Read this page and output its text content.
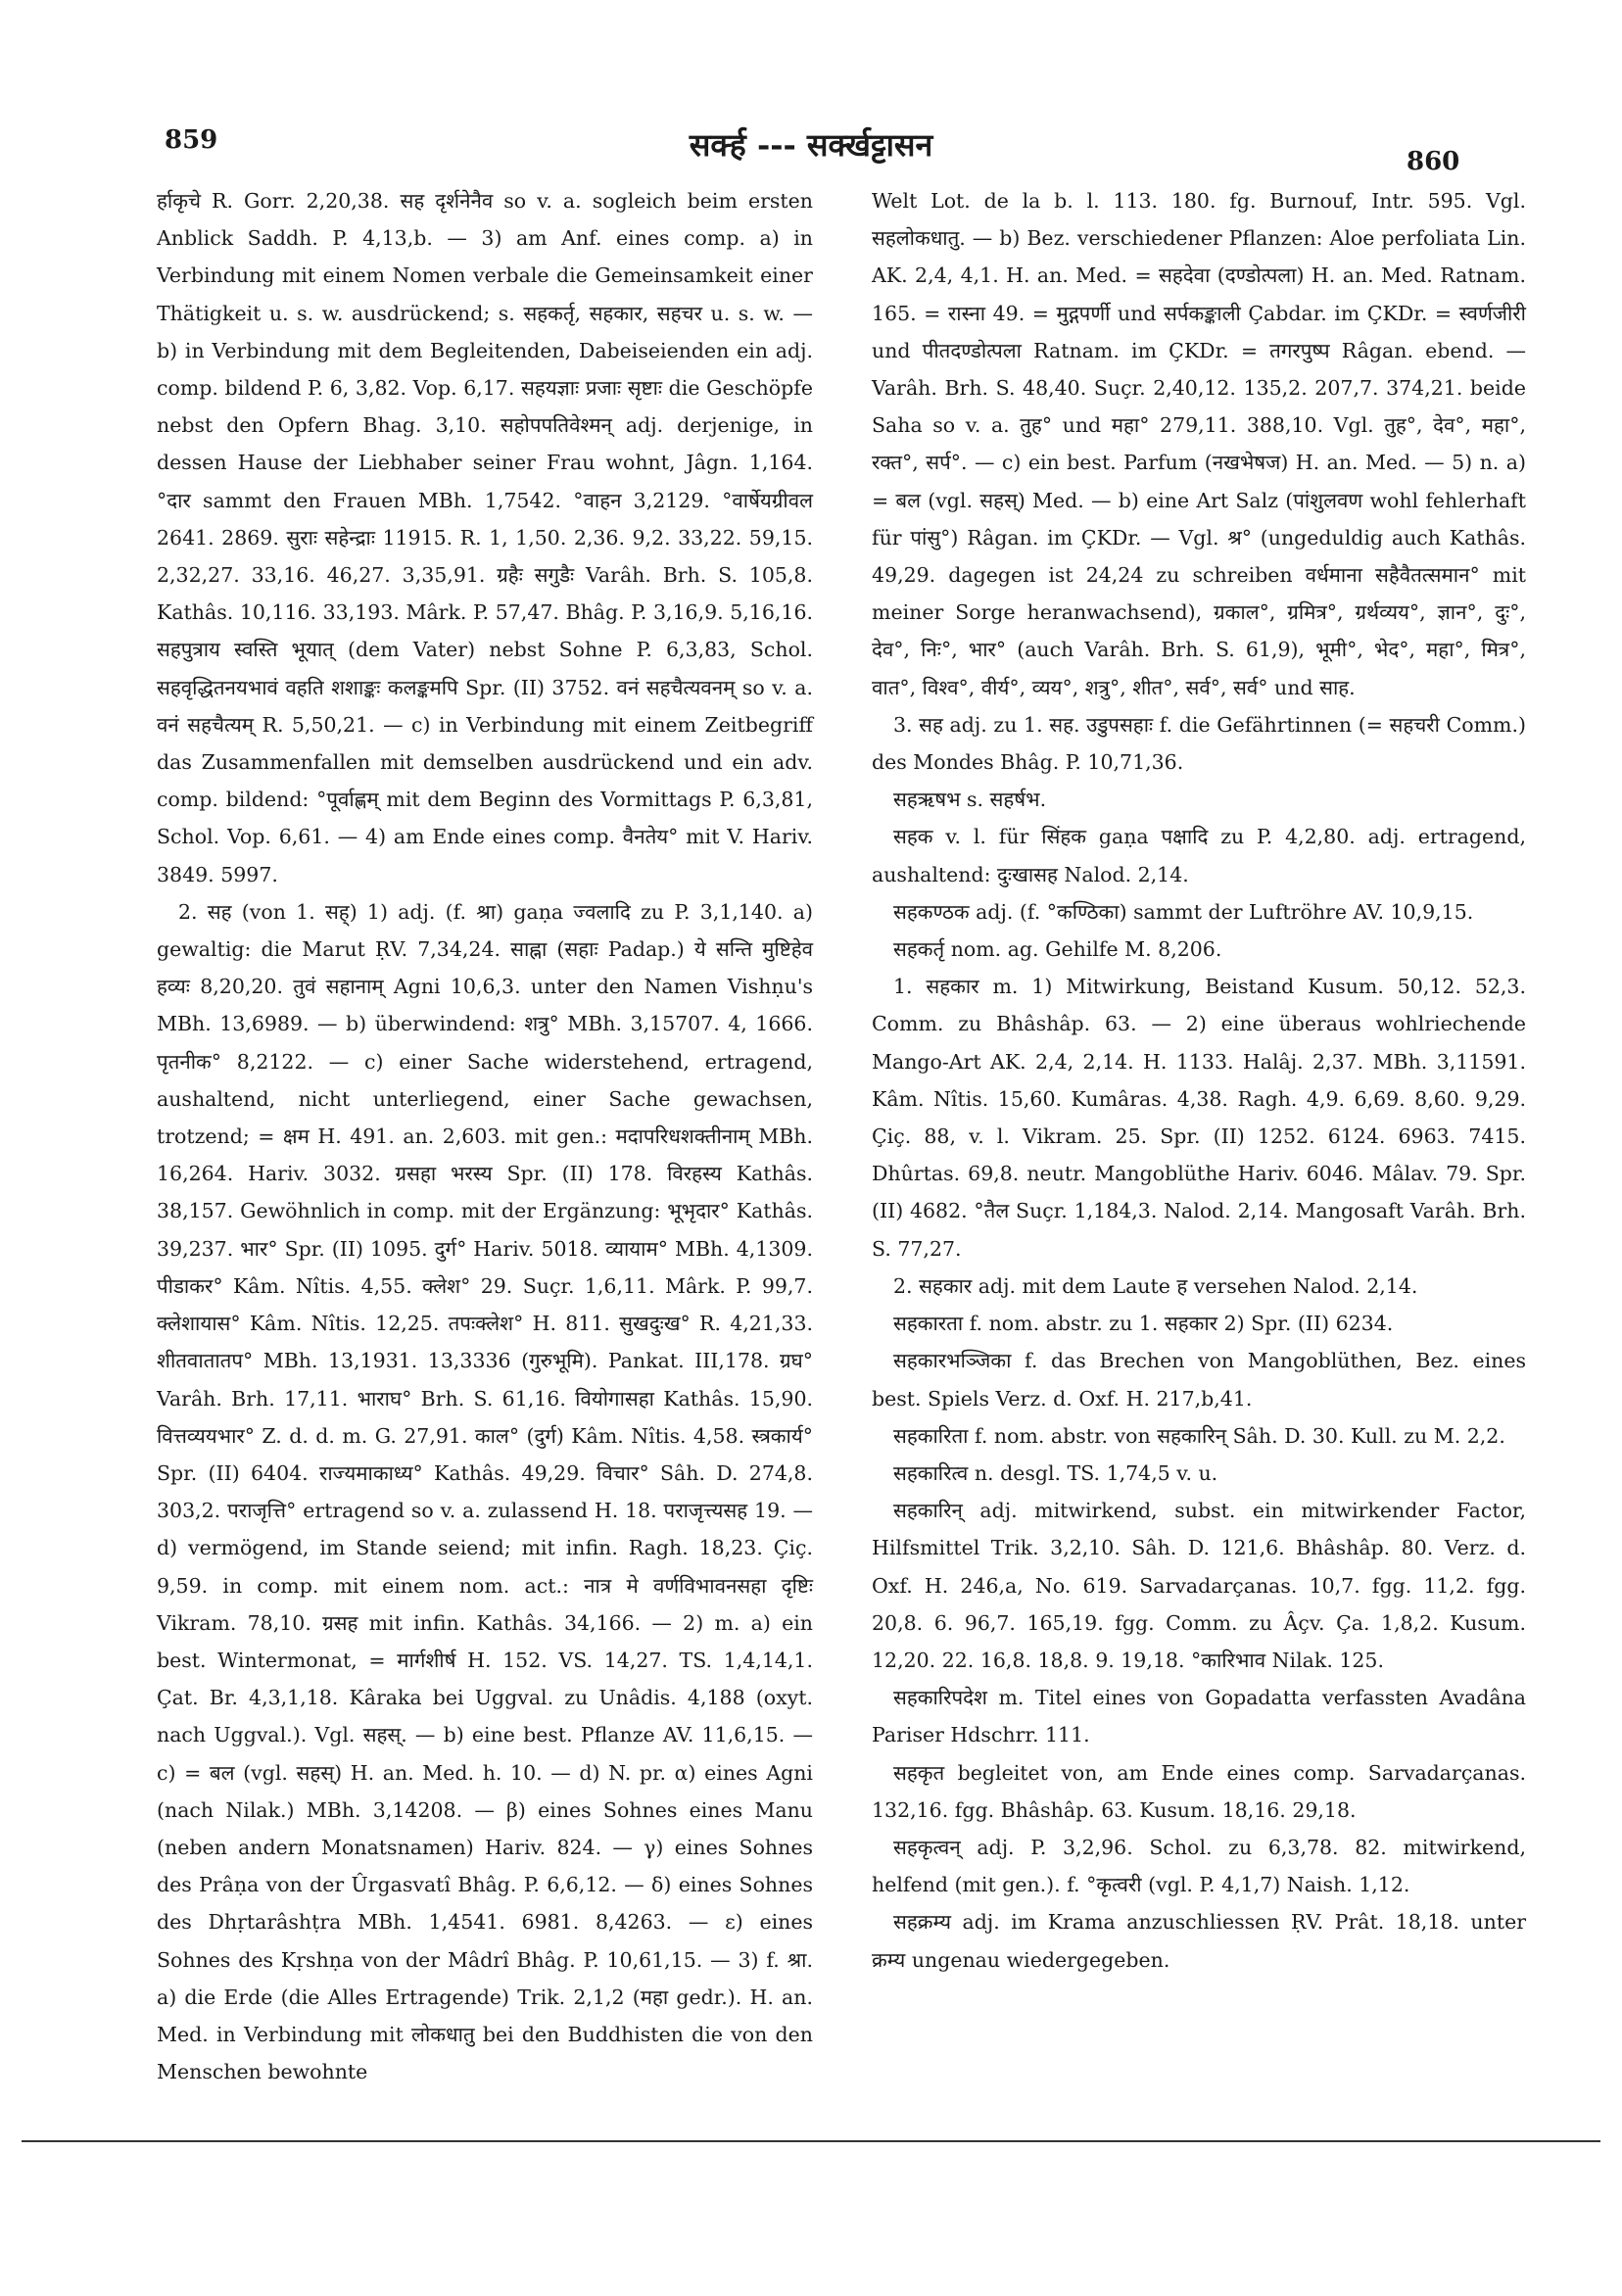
859	सर्क्ह --- सर्क्खट्टासन	860

र्हाकृचे R. Gorr. 2,20,38. सह दृर्शनेनैव so v. a. sogleich beim ersten Anblick Saddh. P. 4,13,b. — 3) am Anf. eines comp. a) in Verbindung mit einem Nomen verbale die Gemeinsamkeit einer Thätigkeit u. s. w. ausdrückend; s. सहकर्तृ, सहकार, सहचर u. s. w. — b) in Verbindung mit dem Begleitenden, Dabeiseienden ein adj. comp. bildend P. 6, 3,82. Vop. 6,17. सहयज्ञाः प्रजाः सृष्टाः die Geschöpfe nebst den Opfern Bhag. 3,10. सहोपपतिवेश्मन् adj. derjenige, in dessen Hause der Liebhaber seiner Frau wohnt, Jâgn. 1,164. °दार sammt den Frauen MBh. 1,7542. °वाहन 3,2129. °वार्षेयग्रीवल 2641. 2869. सुराः सहेन्द्राः 11915. R. 1, 1,50. 2,36. 9,2. 33,22. 59,15. 2,32,27. 33,16. 46,27. 3,35,91. ग्रहैः सगुडैः Varâh. Brh. S. 105,8. Kathâs. 10,116. 33,193. Mârk. P. 57,47. Bhâg. P. 3,16,9. 5,16,16. सहपुत्राय स्वस्ति भूयात् (dem Vater) nebst Sohne P. 6,3,83, Schol. सहवृद्धितनयभावं वहति शशाङ्कः कलङ्कमपि Spr. (II) 3752. वनं सहचैत्यवनम् so v. a. वनं सहचैत्यम् R. 5,50,21. — c) in Verbindung mit einem Zeitbegriff das Zusammenfallen mit demselben ausdrückend und ein adv. comp. bildend: °पूर्वाह्णम् mit dem Beginn des Vormittags P. 6,3,81, Schol. Vop. 6,61. — 4) am Ende eines comp. वैनतेय° mit V. Hariv. 3849. 5997.

2. सह (von 1. सह्) 1) adj. (f. श्रा) gaṇa ज्वलादि zu P. 3,1,140. a) gewaltig: die Marut ṚV. 7,34,24. साह्ना (सहाः Padap.) ये सन्ति मुष्टिहेव हव्यः 8,20,20. तुवं सहानाम् Agni 10,6,3. unter den Namen Vishṇu's MBh. 13,6989. — b) überwindend: शत्रु° MBh. 3,15707. 4, 1666. पृतनीक° 8,2122. — c) einer Sache widerstehend, ertragend, aushaltend, nicht unterliegend, einer Sache gewachsen, trotzend; = क्षम H. 491. an. 2,603. mit gen.: मदापरिधशक्तीनाम् MBh. 16,264. Hariv. 3032. ग्रसहा भरस्य Spr. (II) 178. विरहस्य Kathâs. 38,157. Gewöhnlich in comp. mit der Ergänzung: भूभृदार° Kathâs. 39,237. भार° Spr. (II) 1095. दुर्ग° Hariv. 5018. व्यायाम° MBh. 4,1309. पीडाकर° Kâm. Nîtis. 4,55. क्लेश° 29. Suçr. 1,6,11. Mârk. P. 99,7. क्लेशायास° Kâm. Nîtis. 12,25. तपःक्लेश° H. 811. सुखदुःख° R. 4,21,33. शीतवातातप° MBh. 13,1931. 13,3336 (गुरुभूमि). Pankat. III,178. ग्रघ° Varâh. Brh. 17,11. भाराघ° Brh. S. 61,16. वियोगासहा Kathâs. 15,90. वित्तव्ययभार° Z. d. d. m. G. 27,91. काल° (दुर्ग) Kâm. Nîtis. 4,58. स्त्रकार्य° Spr. (II) 6404. राज्यमाकाध्य° Kathâs. 49,29. विचार° Sâh. D. 274,8. 303,2. पराजृत्ति° ertragend so v. a. zulassend H. 18. पराजृत्त्यसह 19. — d) vermögend, im Stande seiend; mit infin. Ragh. 18,23. Çiç. 9,59. in comp. mit einem nom. act.: नात्र मे वर्णविभावनसहा दृष्टिः Vikram. 78,10. ग्रसह mit infin. Kathâs. 34,166. — 2) m. a) ein best. Wintermonat, = मार्गशीर्ष H. 152. VS. 14,27. TS. 1,4,14,1. Çat. Br. 4,3,1,18. Kâraka bei Uggval. zu Unâdis. 4,188 (oxyt. nach Uggval.). Vgl. सहस्. — b) eine best. Pflanze AV. 11,6,15. — c) = बल (vgl. सहस्) H. an. Med. h. 10. — d) N. pr. α) eines Agni (nach Nilak.) MBh. 3,14208. — β) eines Sohnes eines Manu (neben andern Monatsnamen) Hariv. 824. — γ) eines Sohnes des Prâṇa von der Ûrgasvatî Bhâg. P. 6,6,12. — δ) eines Sohnes des Dhṛtarâshṭra MBh. 1,4541. 6981. 8,4263. — ε) eines Sohnes des Kṛshṇa von der Mâdrî Bhâg. P. 10,61,15. — 3) f. श्रा. a) die Erde (die Alles Ertragende) Trik. 2,1,2 (महा gedr.). H. an. Med. in Verbindung mit लोकधातु bei den Buddhisten die von den Menschen bewohnte

Welt Lot. de la b. l. 113. 180. fg. Burnouf, Intr. 595. Vgl. सहलोकधातु. — b) Bez. verschiedener Pflanzen: Aloe perfoliata Lin. AK. 2,4, 4,1. H. an. Med. = सहदेवा (दण्डोत्पला) H. an. Med. Ratnam. 165. = रास्ना 49. = मुद्गपर्णी und सर्पकङ्काली Çabdar. im ÇKDr. = स्वर्णजीरी und पीतदण्डोत्पला Ratnam. im ÇKDr. = तगरपुष्प Râgan. ebend. — Varâh. Brh. S. 48,40. Suçr. 2,40,12. 135,2. 207,7. 374,21. beide Saha so v. a. तुह° und महा° 279,11. 388,10. Vgl. तुह°, देव°, महा°, रक्त°, सर्प°. — c) ein best. Parfum (नखभेषज) H. an. Med. — 5) n. a) = बल (vgl. सहस्) Med. — b) eine Art Salz (पांशुलवण wohl fehlerhaft für पांसु°) Râgan. im ÇKDr. — Vgl. श्र° (ungeduldig auch Kathâs. 49,29. dagegen ist 24,24 zu schreiben वर्धमाना सहैवैतत्समान° mit meiner Sorge heranwachsend), ग्रकाल°, ग्रमित्र°, ग्रर्थव्यय°, ज्ञान°, दुः°, देव°, निः°, भार° (auch Varâh. Brh. S. 61,9), भूमी°, भेद°, महा°, मित्र°, वात°, विश्व°, वीर्य°, व्यय°, शत्रु°, शीत°, सर्व°, सर्व° und साह.

3. सह adj. zu 1. सह. उडुपसहाः f. die Gefährtinnen (= सहचरी Comm.) des Mondes Bhâg. P. 10,71,36.

सहऋषभ s. सहर्षभ.

सहक v. l. für सिंहक gaṇa पक्षादि zu P. 4,2,80. adj. ertragend, aushaltend: दुःखासह Nalod. 2,14.

सहकण्ठक adj. (f. °कण्ठिका) sammt der Luftröhre AV. 10,9,15.

सहकर्तृ nom. ag. Gehilfe M. 8,206.

1. सहकार m. 1) Mitwirkung, Beistand Kusum. 50,12. 52,3. Comm. zu Bhâshâp. 63. — 2) eine überaus wohlriechende Mango-Art AK. 2,4, 2,14. H. 1133. Halâj. 2,37. MBh. 3,11591. Kâm. Nîtis. 15,60. Kumâras. 4,38. Ragh. 4,9. 6,69. 8,60. 9,29. Çiç. 88, v. l. Vikram. 25. Spr. (II) 1252. 6124. 6963. 7415. Dhûrtas. 69,8. neutr. Mangoblüthe Hariv. 6046. Mâlav. 79. Spr. (II) 4682. °तैल Suçr. 1,184,3. Nalod. 2,14. Mangosaft Varâh. Brh. S. 77,27.

2. सहकार adj. mit dem Laute ह versehen Nalod. 2,14.

सहकारता f. nom. abstr. zu 1. सहकार 2) Spr. (II) 6234.

सहकारभञ्जिका f. das Brechen von Mangoblüthen, Bez. eines best. Spiels Verz. d. Oxf. H. 217,b,41.

सहकारिता f. nom. abstr. von सहकारिन् Sâh. D. 30. Kull. zu M. 2,2.

सहकारित्व n. desgl. TS. 1,74,5 v. u.

सहकारिन् adj. mitwirkend, subst. ein mitwirkender Factor, Hilfsmittel Trik. 3,2,10. Sâh. D. 121,6. Bhâshâp. 80. Verz. d. Oxf. H. 246,a, No. 619. Sarvadarçanas. 10,7. fgg. 11,2. fgg. 20,8. 6. 96,7. 165,19. fgg. Comm. zu Âçv. Ça. 1,8,2. Kusum. 12,20. 22. 16,8. 18,8. 9. 19,18. °कारिभाव Nilak. 125.

सहकारिपदेश m. Titel eines von Gopadatta verfassten Avadâna Pariser Hdschrr. 111.

सहकृत begleitet von, am Ende eines comp. Sarvadarçanas. 132,16. fgg. Bhâshâp. 63. Kusum. 18,16. 29,18.

सहकृत्वन् adj. P. 3,2,96. Schol. zu 6,3,78. 82. mitwirkend, helfend (mit gen.). f. °कृत्वरी (vgl. P. 4,1,7) Naish. 1,12.

सहक्रम्य adj. im Krama anzuschliessen ṚV. Prât. 18,18. unter क्रम्य ungenau wiedergegeben.
